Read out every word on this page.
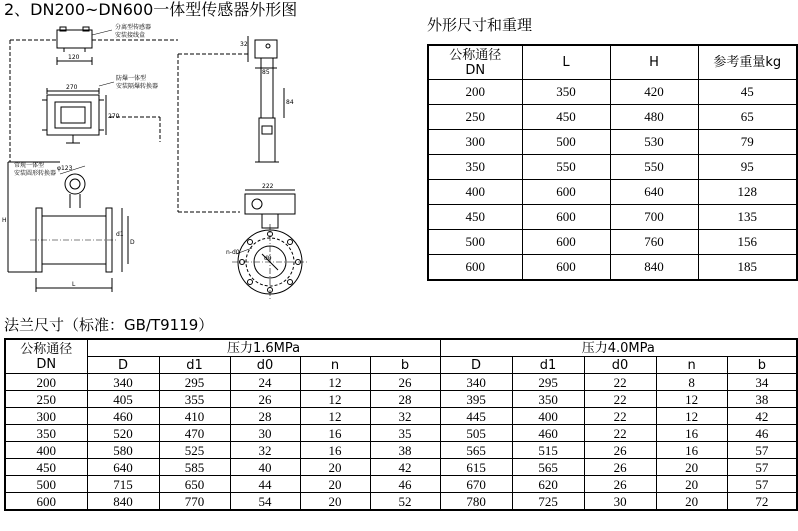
2、DN200~DN600一体型传感器外形图
分离型传感器
安装接线盒
120
防爆一体型
安装隔爆转换器
270
270
常规一体型
安装圆形转换器
φ123
L
H
D
d1
d0
n-d0
222
84
32
85
外形尺寸和重理
公称通径
DN	L	H	参考重量kg
200	350	420	45
250	450	480	65
300	500	530	79
350	550	550	95
400	600	640	128
450	600	700	135
500	600	760	156
600	600	840	185
法兰尺寸（标准：GB/T9119）
公称通径
DN	压力1.6MPa					压力4.0MPa				
	D	d1	d0	n	b	D	d1	d0	n	b
200	340	295	24	12	26	340	295	22	8	34
250	405	355	26	12	28	395	350	22	12	38
300	460	410	28	12	32	445	400	22	12	42
350	520	470	30	16	35	505	460	22	16	46
400	580	525	32	16	38	565	515	26	16	57
450	640	585	40	20	42	615	565	26	20	57
500	715	650	44	20	46	670	620	26	20	57
600	840	770	54	20	52	780	725	30	20	72
